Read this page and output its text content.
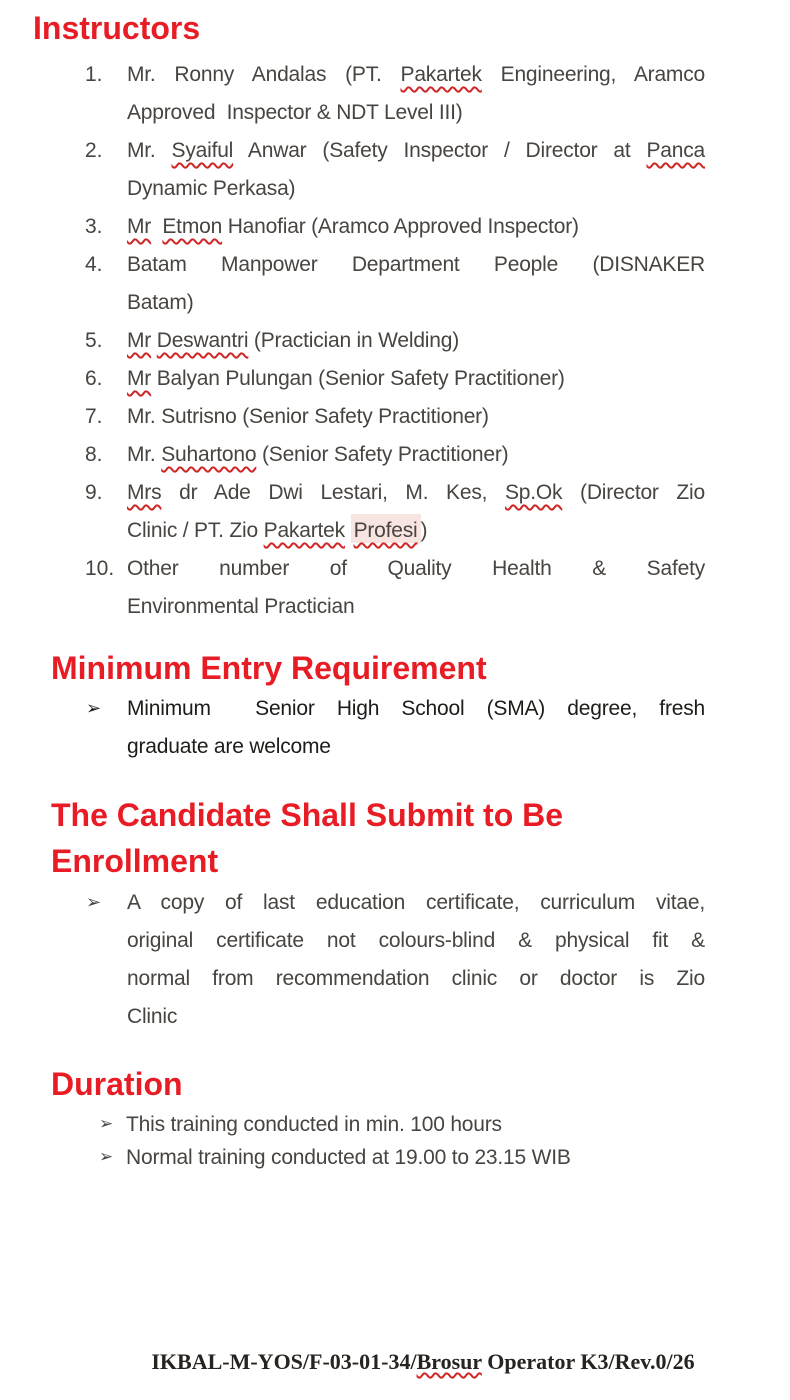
Instructors
1.	Mr. Ronny Andalas (PT. Pakartek Engineering, Aramco
Approved  Inspector & NDT Level III)
2.	Mr. Syaiful Anwar (Safety Inspector / Director at Panca
Dynamic Perkasa)
3.	Mr Etmon Hanofiar (Aramco Approved Inspector)
4.	Batam Manpower Department People (DISNAKER
Batam)
5.	Mr Deswantri (Practician in Welding)
6.	Mr Balyan Pulungan (Senior Safety Practitioner)
7.	Mr. Sutrisno (Senior Safety Practitioner)
8.	Mr. Suhartono (Senior Safety Practitioner)
9.	Mrs dr Ade Dwi Lestari, M. Kes, Sp.Ok (Director Zio
Clinic / PT. Zio Pakartek Profesi )
10. Other number of Quality Health & Safety
Environmental Practician
Minimum Entry Requirement
➢	Minimum  Senior High School (SMA) degree, fresh
graduate are welcome
The Candidate Shall Submit to Be
Enrollment
➢	A copy of last education certificate, curriculum vitae,
original certificate not colours-blind & physical fit &
normal from recommendation clinic or doctor is Zio
Clinic
Duration
➢ This training conducted in min. 100 hours
➢ Normal training conducted at 19.00 to 23.15 WIB
IKBAL-M-YOS/F-03-01-34/Brosur Operator K3/Rev.0/26
